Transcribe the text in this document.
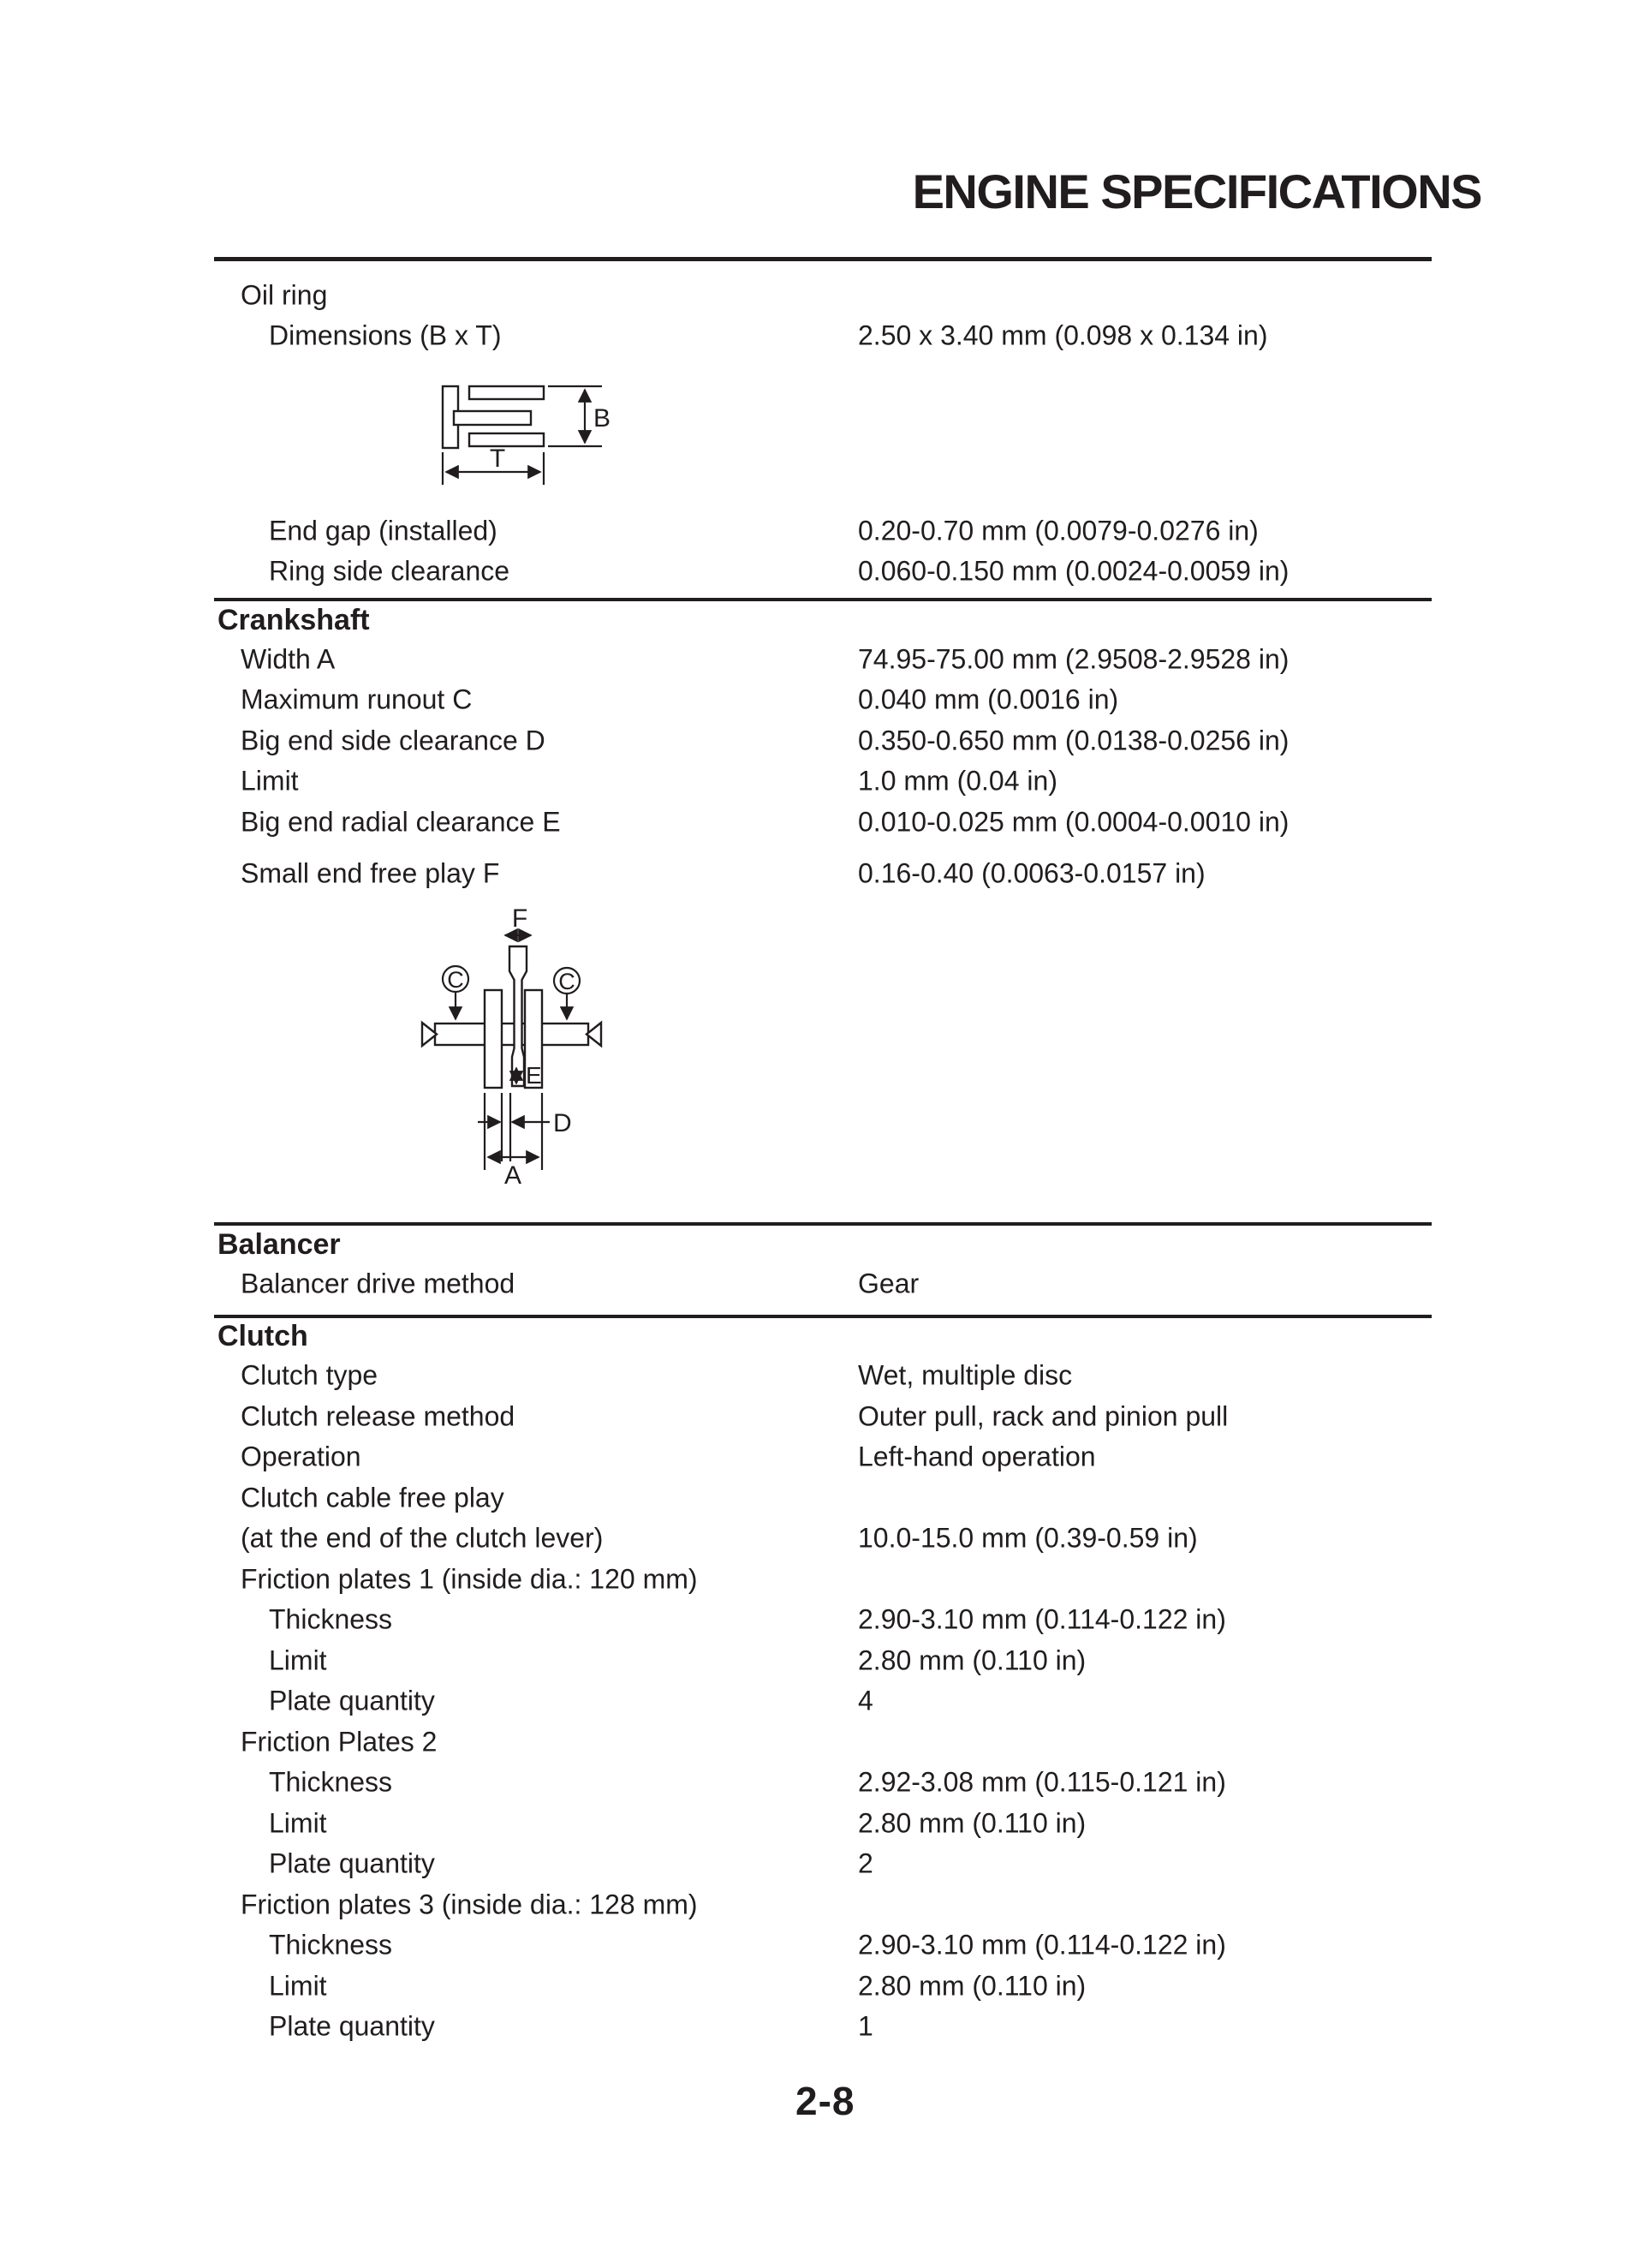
ENGINE SPECIFICATIONS
Oil ring
Dimensions (B x T)	2.50 x 3.40 mm (0.098 x 0.134 in)
B
T
End gap (installed)	0.20-0.70 mm (0.0079-0.0276 in)
Ring side clearance	0.060-0.150 mm (0.0024-0.0059 in)
Crankshaft
Width A	74.95-75.00 mm (2.9508-2.9528 in)
Maximum runout C	0.040 mm (0.0016 in)
Big end side clearance D	0.350-0.650 mm (0.0138-0.0256 in)
Limit	1.0 mm (0.04 in)
Big end radial clearance E	0.010-0.025 mm (0.0004-0.0010 in)
Small end free play F	0.16-0.40 (0.0063-0.0157 in)
F
C	C
E
D
A
Balancer
Balancer drive method	Gear
Clutch
Clutch type	Wet, multiple disc
Clutch release method	Outer pull, rack and pinion pull
Operation	Left-hand operation
Clutch cable free play
(at the end of the clutch lever)	10.0-15.0 mm (0.39-0.59 in)
Friction plates 1 (inside dia.: 120 mm)
Thickness	2.90-3.10 mm (0.114-0.122 in)
Limit	2.80 mm (0.110 in)
Plate quantity	4
Friction Plates 2
Thickness	2.92-3.08 mm (0.115-0.121 in)
Limit	2.80 mm (0.110 in)
Plate quantity	2
Friction plates 3 (inside dia.: 128 mm)
Thickness	2.90-3.10 mm (0.114-0.122 in)
Limit	2.80 mm (0.110 in)
Plate quantity	1
2-8
